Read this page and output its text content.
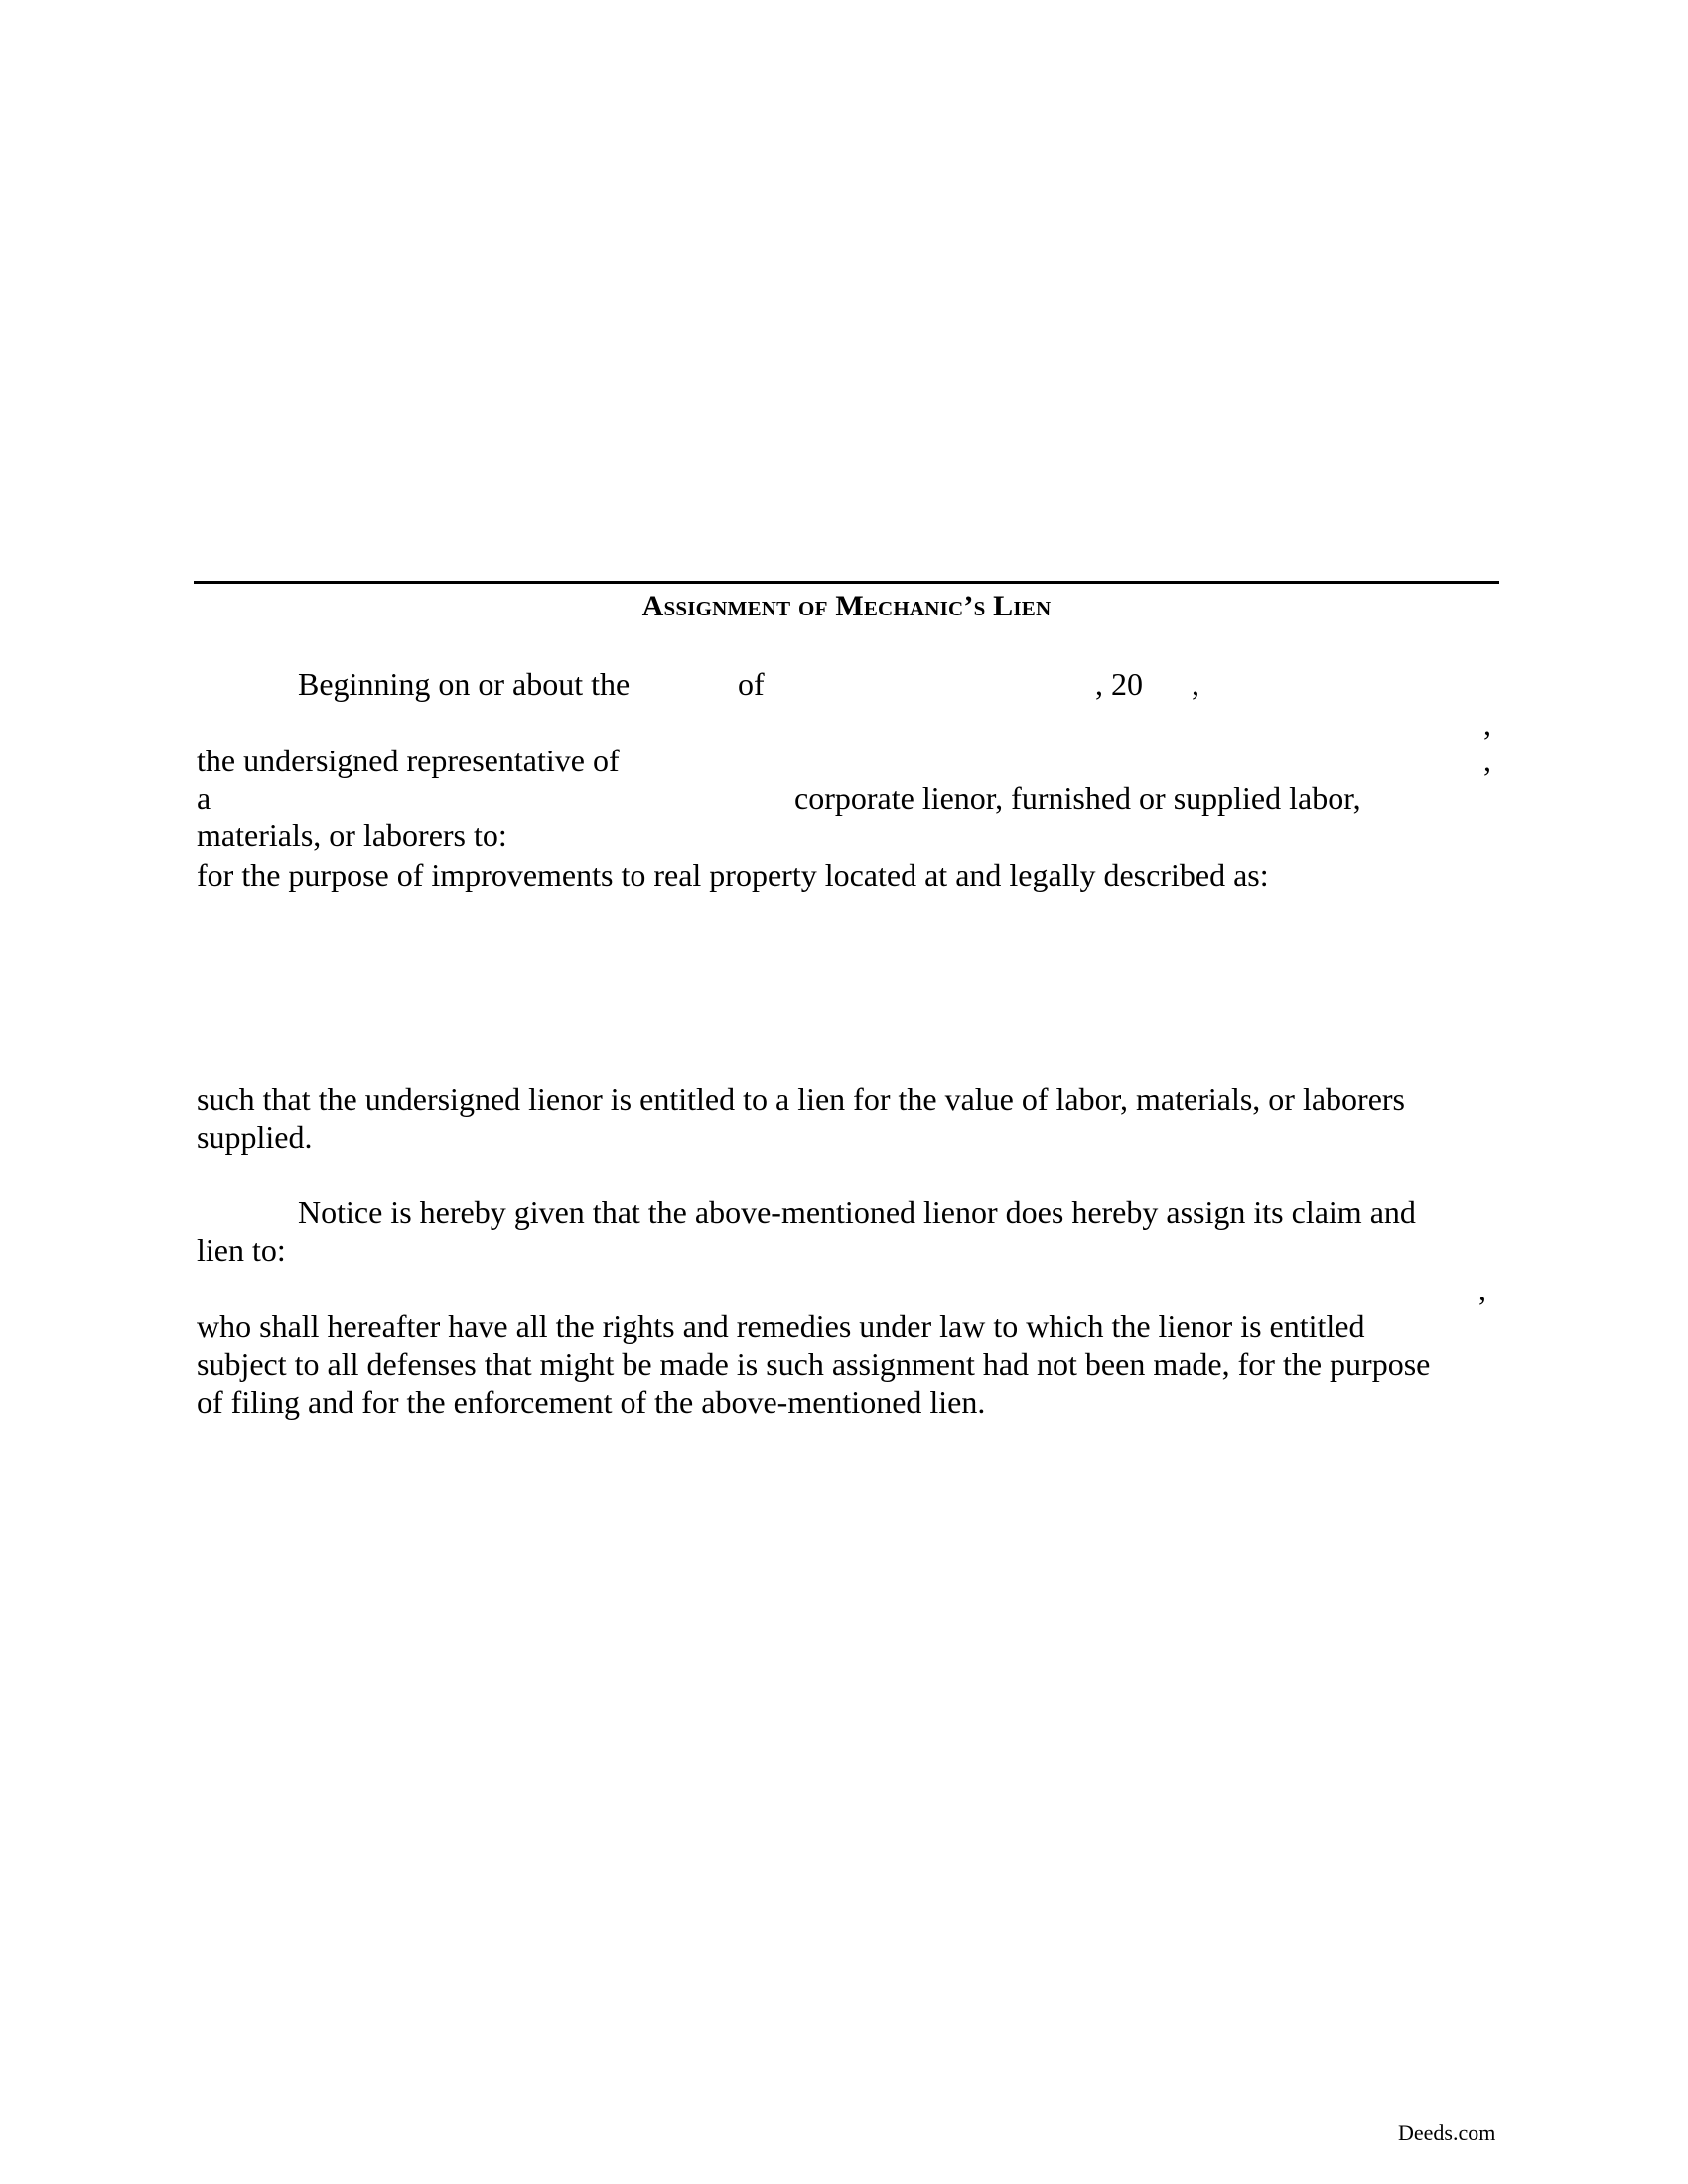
Assignment of Mechanic’s Lien
Beginning on or about the	of	, 20 ,
,
the undersigned representative of	,
a	corporate lienor, furnished or supplied labor,
materials, or laborers to:
for the purpose of improvements to real property located at and legally described as:
such that the undersigned lienor is entitled to a lien for the value of labor, materials, or laborers
supplied.
Notice is hereby given that the above-mentioned lienor does hereby assign its claim and
lien to:
,
who shall hereafter have all the rights and remedies under law to which the lienor is entitled
subject to all defenses that might be made is such assignment had not been made, for the purpose
of filing and for the enforcement of the above-mentioned lien.
Deeds.com
